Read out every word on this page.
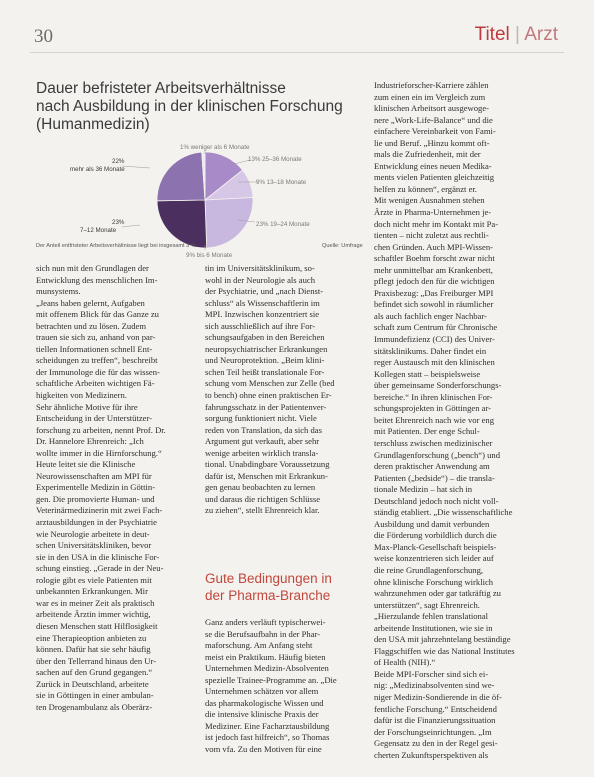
30	Titel | Arzt
Dauer befristeter Arbeitsverhältnisse
nach Ausbildung in der klinischen Forschung
(Humanmedizin)
1% weniger als 6 Monate
13% 25–36 Monate
9% 13–18 Monate
23% 19–24 Monate
9% bis 6 Monate
22%
mehr als 36 Monate
23%
7–12 Monate
Der Anteil entfristeter Arbeitsverhältnisse liegt bei insgesamt 3 %.	Quelle: Umfrage
sich nun mit den Grundlagen der
Entwicklung des menschlichen Im-
munsystems.
„Jeans haben gelernt, Aufgaben
mit offenem Blick für das Ganze zu
betrachten und zu lösen. Zudem
trauen sie sich zu, anhand von par-
tiellen Informationen schnell Ent-
scheidungen zu treffen“, beschreibt
der Immunologe die für das wissen-
schaftliche Arbeiten wichtigen Fä-
higkeiten von Medizinern.
Sehr ähnliche Motive für ihre
Entscheidung in der Unterstützer-
forschung zu arbeiten, nennt Prof. Dr.
Dr. Hannelore Ehrenreich: „Ich
wollte immer in die Hirnforschung.“
Heute leitet sie die Klinische
Neurowissenschaften am MPI für
Experimentelle Medizin in Göttin-
gen. Die promovierte Human- und
Veterinärmedizinerin mit zwei Fach-
arztausbildungen in der Psychiatrie
wie Neurologie arbeitete in deut-
schen Universitätskliniken, bevor
sie in den USA in die klinische For-
schung einstieg. „Gerade in der Neu-
rologie gibt es viele Patienten mit
unbekannten Erkrankungen. Mir
war es in meiner Zeit als praktisch
arbeitende Ärztin immer wichtig,
diesen Menschen statt Hilflosigkeit
eine Therapieoption anbieten zu
können. Dafür hat sie sehr häufig
über den Tellerrand hinaus den Ur-
sachen auf den Grund gegangen.“
Zurück in Deutschland, arbeitete
sie in Göttingen in einer ambulan-
ten Drogenambulanz als Oberärz-
tin im Universitätsklinikum, so-
wohl in der Neurologie als auch
der Psychiatrie, und „nach Dienst-
schluss“ als Wissenschaftlerin im
MPI. Inzwischen konzentriert sie
sich ausschließlich auf ihre For-
schungsaufgaben in den Bereichen
neuropsychiatrischer Erkrankungen
und Neuroprotektion. „Beim klini-
schen Teil heißt translationale For-
schung vom Menschen zur Zelle (bed
to bench) ohne einen praktischen Er-
fahrungsschatz in der Patientenver-
sorgung funktioniert nicht. Viele
reden von Translation, da sich das
Argument gut verkauft, aber sehr
wenige arbeiten wirklich transla-
tional. Unabdingbare Voraussetzung
dafür ist, Menschen mit Erkrankun-
gen genau beobachten zu lernen
und daraus die richtigen Schlüsse
zu ziehen“, stellt Ehrenreich klar.
Gute Bedingungen in
der Pharma-Branche
Ganz anders verläuft typischerwei-
se die Berufsaufbahn in der Phar-
maforschung. Am Anfang steht
meist ein Praktikum. Häufig bieten
Unternehmen Medizin-Absolventen
spezielle Trainee-Programme an. „Die
Unternehmen schätzen vor allem
das pharmakologische Wissen und
die intensive klinische Praxis der
Mediziner. Eine Facharztausbildung
ist jedoch fast hilfreich“, so Thomas
vom vfa. Zu den Motiven für eine
Industrieforscher-Karriere zählen
zum einen ein im Vergleich zum
klinischen Arbeitsort ausgewoge-
nere „Work-Life-Balance“ und die
einfachere Vereinbarkeit von Fami-
lie und Beruf. „Hinzu kommt oft-
mals die Zufriedenheit, mit der
Entwicklung eines neuen Medika-
ments vielen Patienten gleichzeitig
helfen zu können“, ergänzt er.
Mit wenigen Ausnahmen stehen
Ärzte in Pharma-Unternehmen je-
doch nicht mehr im Kontakt mit Pa-
tienten – nicht zuletzt aus rechtli-
chen Gründen. Auch MPI-Wissen-
schaftler Boehm forscht zwar nicht
mehr unmittelbar am Krankenbett,
pflegt jedoch den für die wichtigen
Praxisbezug: „Das Freiburger MPI
befindet sich sowohl in räumlicher
als auch fachlich enger Nachbar-
schaft zum Centrum für Chronische
Immundefizienz (CCI) des Univer-
sitätsklinikums. Daher findet ein
reger Austausch mit den klinischen
Kollegen statt – beispielsweise
über gemeinsame Sonderforschungs-
bereiche.“ In ihren klinischen For-
schungsprojekten in Göttingen ar-
beitet Ehrenreich nach wie vor eng
mit Patienten. Der enge Schul-
terschluss zwischen medizinischer
Grundlagenforschung („bench“) und
deren praktischer Anwendung am
Patienten („bedside“) – die transla-
tionale Medizin – hat sich in
Deutschland jedoch noch nicht voll-
ständig etabliert. „Die wissenschaftliche
Ausbildung und damit verbunden
die Förderung vorbildlich durch die
Max-Planck-Gesellschaft beispiels-
weise konzentrieren sich leider auf
die reine Grundlagenforschung,
ohne klinische Forschung wirklich
wahrzunehmen oder gar tatkräftig zu
unterstützen“, sagt Ehrenreich.
„Hierzulande fehlen translational
arbeitende Institutionen, wie sie in
den USA mit jahrzehntelang beständige
Flaggschiffen wie das National Institutes
of Health (NIH).“
Beide MPI-Forscher sind sich ei-
nig: „Medizinabsolventen sind we-
niger Medizin-Sondierende in die öf-
fentliche Forschung.“ Entscheidend
dafür ist die Finanzierungssituation
der Forschungseinrichtungen. „Im
Gegensatz zu den in der Regel gesi-
cherten Zukunftsperspektiven als
